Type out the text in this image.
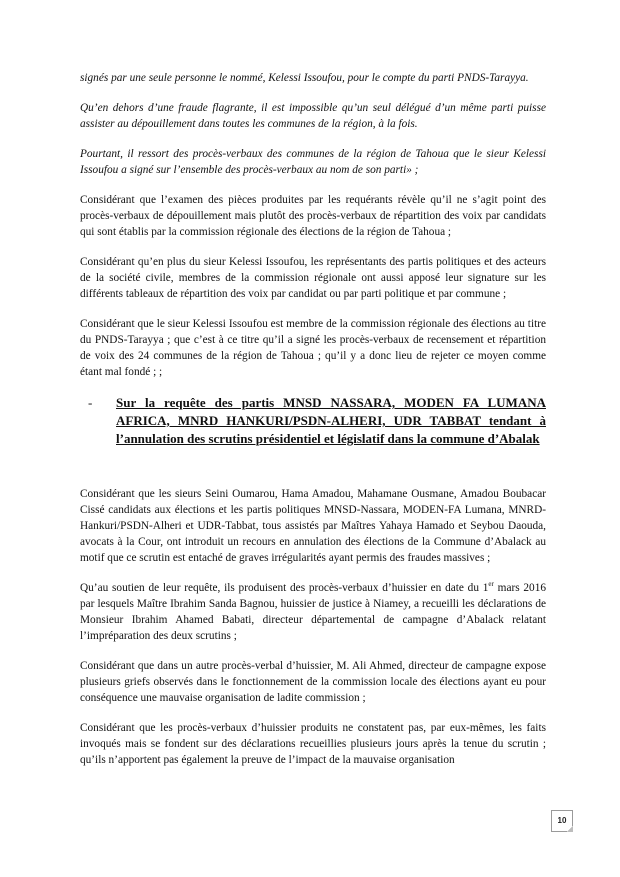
signés par une seule personne le nommé, Kelessi Issoufou, pour le compte du parti PNDS-Tarayya.

Qu’en dehors d’une fraude flagrante, il est impossible qu’un seul délégué d’un même parti puisse assister au dépouillement dans toutes les communes de la région, à la fois.

Pourtant, il ressort des procès-verbaux des communes de la région de Tahoua que le sieur Kelessi Issoufou a signé sur l’ensemble des procès-verbaux au nom de son parti» ;

Considérant que l’examen des pièces produites par les requérants révèle qu’il ne s’agit point des procès-verbaux de dépouillement mais plutôt des procès-verbaux de répartition des voix par candidats qui sont établis par la commission régionale des élections de la région de Tahoua ;

Considérant qu’en plus du sieur Kelessi Issoufou, les représentants des partis politiques et des acteurs de la société civile, membres de la commission régionale ont aussi apposé leur signature sur les différents tableaux de répartition des voix par candidat ou par parti politique et par commune ;

Considérant que le sieur Kelessi Issoufou est membre de la commission régionale des élections au titre du PNDS-Tarayya ; que c’est à ce titre qu’il a signé les procès-verbaux de recensement et répartition de voix des 24 communes de la région de Tahoua ; qu’il y a donc lieu de rejeter ce moyen comme étant mal fondé ; ;

- Sur la requête des partis MNSD NASSARA, MODEN FA LUMANA AFRICA, MNRD HANKURI/PSDN-ALHERI, UDR TABBAT tendant à l’annulation des scrutins présidentiel et législatif dans la commune d’Abalak

Considérant que les sieurs Seini Oumarou, Hama Amadou, Mahamane Ousmane, Amadou Boubacar Cissé candidats aux élections et les partis politiques MNSD-Nassara, MODEN-FA Lumana, MNRD-Hankuri/PSDN-Alheri et UDR-Tabbat, tous assistés par Maîtres Yahaya Hamado et Seybou Daouda, avocats à la Cour, ont introduit un recours en annulation des élections de la Commune d’Abalack au motif que ce scrutin est entaché de graves irrégularités ayant permis des fraudes massives ;

Qu’au soutien de leur requête, ils produisent des procès-verbaux d’huissier en date du 1er mars 2016 par lesquels Maître Ibrahim Sanda Bagnou, huissier de justice à Niamey, a recueilli les déclarations de Monsieur Ibrahim Ahamed Babati, directeur départemental de campagne d’Abalack relatant l’impréparation des deux scrutins ;

Considérant que dans un autre procès-verbal d’huissier, M. Ali Ahmed, directeur de campagne expose plusieurs griefs observés dans le fonctionnement de la commission locale des élections ayant eu pour conséquence une mauvaise organisation de ladite commission ;

Considérant que les procès-verbaux d’huissier produits ne constatent pas, par eux-mêmes, les faits invoqués mais se fondent sur des déclarations recueillies plusieurs jours après la tenue du scrutin ; qu’ils n’apportent pas également la preuve de l’impact de la mauvaise organisation

10
